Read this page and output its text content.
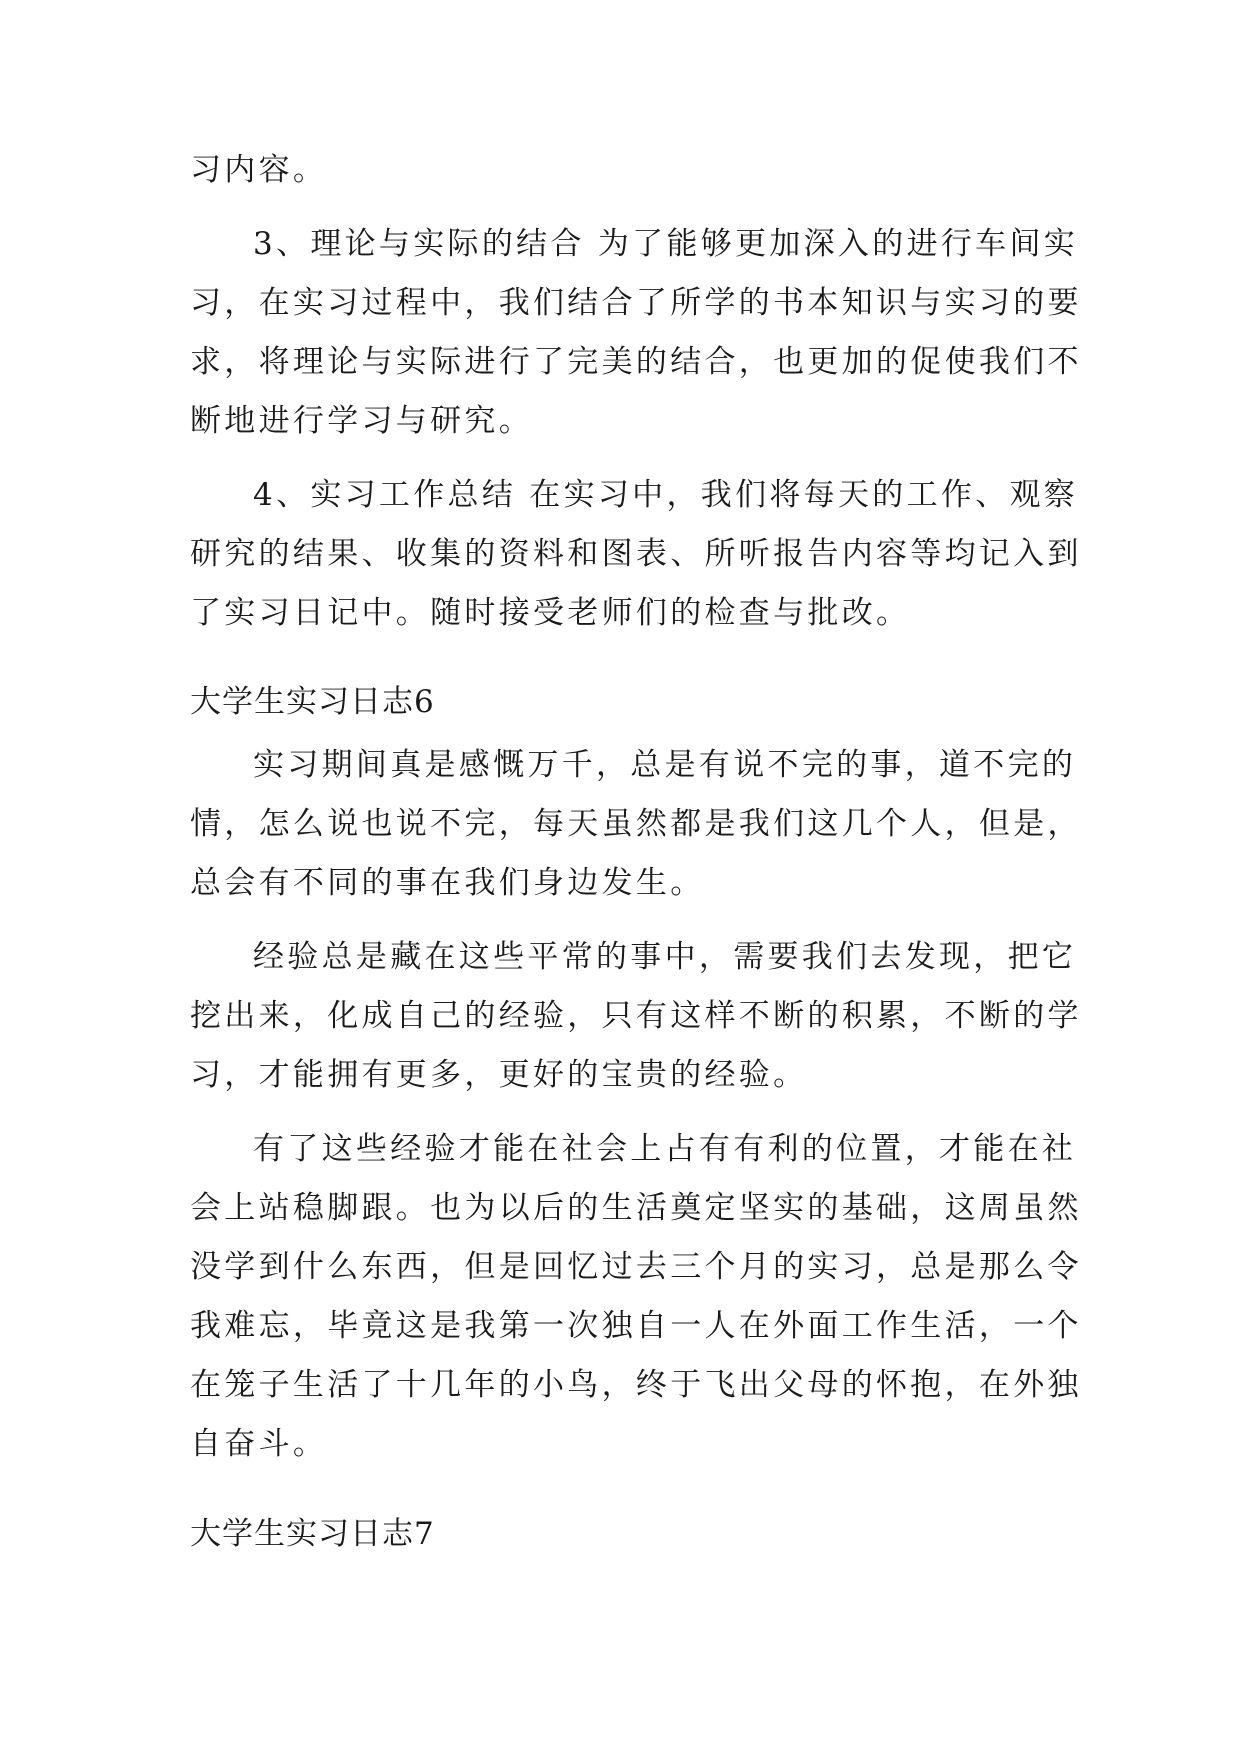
习内容。
3、理论与实际的结合 为了能够更加深入的进行车间实
习，在实习过程中，我们结合了所学的书本知识与实习的要
求，将理论与实际进行了完美的结合，也更加的促使我们不
断地进行学习与研究。
4、实习工作总结 在实习中，我们将每天的工作、观察
研究的结果、收集的资料和图表、所听报告内容等均记入到
了实习日记中。随时接受老师们的检查与批改。
大学生实习日志6
实习期间真是感慨万千，总是有说不完的事，道不完的
情，怎么说也说不完，每天虽然都是我们这几个人，但是，
总会有不同的事在我们身边发生。
经验总是藏在这些平常的事中，需要我们去发现，把它
挖出来，化成自己的经验，只有这样不断的积累，不断的学
习，才能拥有更多，更好的宝贵的经验。
有了这些经验才能在社会上占有有利的位置，才能在社
会上站稳脚跟。也为以后的生活奠定坚实的基础，这周虽然
没学到什么东西，但是回忆过去三个月的实习，总是那么令
我难忘，毕竟这是我第一次独自一人在外面工作生活，一个
在笼子生活了十几年的小鸟，终于飞出父母的怀抱，在外独
自奋斗。
大学生实习日志7
